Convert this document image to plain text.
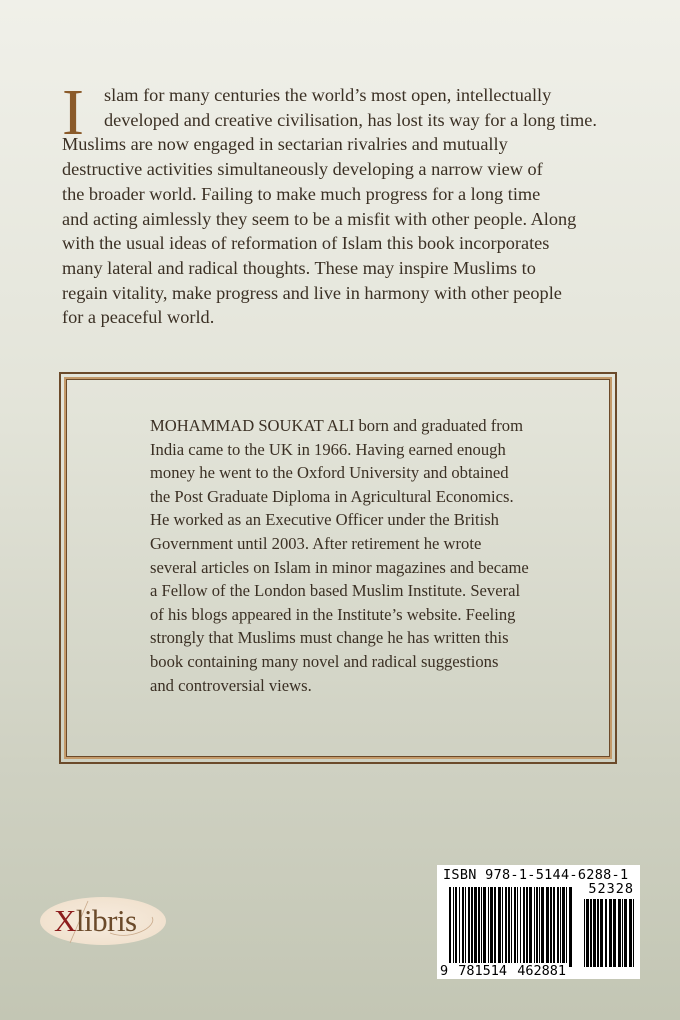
I	slam for many centuries the world’s most open, intellectually
developed and creative civilisation, has lost its way for a long time.
Muslims are now engaged in sectarian rivalries and mutually
destructive activities simultaneously developing a narrow view of
the broader world. Failing to make much progress for a long time
and acting aimlessly they seem to be a misfit with other people. Along
with the usual ideas of reformation of Islam this book incorporates
many lateral and radical thoughts. These may inspire Muslims to
regain vitality, make progress and live in harmony with other people
for a peaceful world.
MOHAMMAD SOUKAT ALI born and graduated from
India came to the UK in 1966. Having earned enough
money he went to the Oxford University and obtained
the Post Graduate Diploma in Agricultural Economics.
He worked as an Executive Officer under the British
Government until 2003. After retirement he wrote
several articles on Islam in minor magazines and became
a Fellow of the London based Muslim Institute. Several
of his blogs appeared in the Institute’s website. Feeling
strongly that Muslims must change he has written this
book containing many novel and radical suggestions
and controversial views.
Xlibris
ISBN 978-1-5144-6288-1
52328
9 781514 462881
